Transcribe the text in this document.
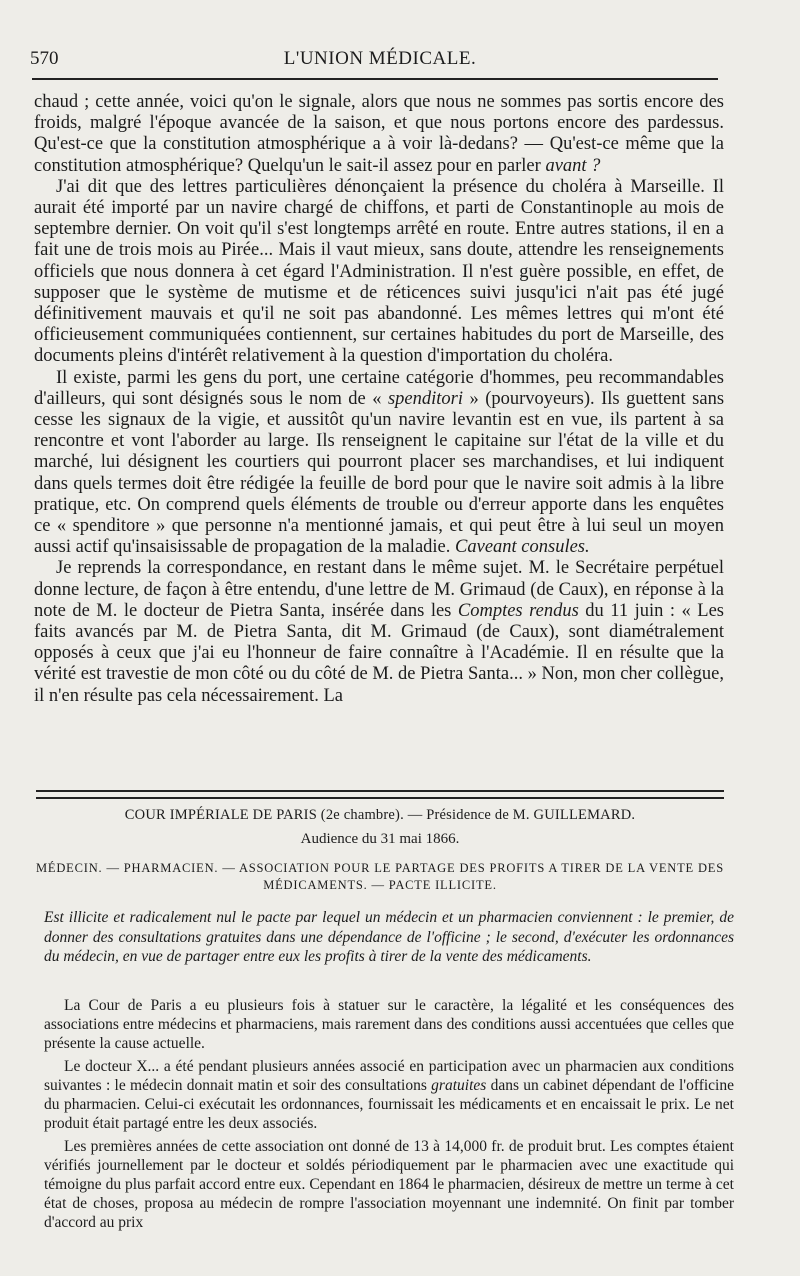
570	L'UNION MÉDICALE.

chaud ; cette année, voici qu'on le signale, alors que nous ne sommes pas sortis encore des froids, malgré l'époque avancée de la saison, et que nous portons encore des pardessus. Qu'est-ce que la constitution atmosphérique a à voir là-dedans? — Qu'est-ce même que la constitution atmosphérique? Quelqu'un le sait-il assez pour en parler avant ?

J'ai dit que des lettres particulières dénonçaient la présence du choléra à Marseille. Il aurait été importé par un navire chargé de chiffons, et parti de Constantinople au mois de septembre dernier. On voit qu'il s'est longtemps arrêté en route. Entre autres stations, il en a fait une de trois mois au Pirée... Mais il vaut mieux, sans doute, attendre les renseignements officiels que nous donnera à cet égard l'Administration. Il n'est guère possible, en effet, de supposer que le système de mutisme et de réticences suivi jusqu'ici n'ait pas été jugé définitivement mauvais et qu'il ne soit pas abandonné. Les mêmes lettres qui m'ont été officieusement communiquées contiennent, sur certaines habitudes du port de Marseille, des documents pleins d'intérêt relativement à la question d'importation du choléra.

Il existe, parmi les gens du port, une certaine catégorie d'hommes, peu recommandables d'ailleurs, qui sont désignés sous le nom de « spenditori » (pourvoyeurs). Ils guettent sans cesse les signaux de la vigie, et aussitôt qu'un navire levantin est en vue, ils partent à sa rencontre et vont l'aborder au large. Ils renseignent le capitaine sur l'état de la ville et du marché, lui désignent les courtiers qui pourront placer ses marchandises, et lui indiquent dans quels termes doit être rédigée la feuille de bord pour que le navire soit admis à la libre pratique, etc. On comprend quels éléments de trouble ou d'erreur apporte dans les enquêtes ce « spenditore » que personne n'a mentionné jamais, et qui peut être à lui seul un moyen aussi actif qu'insaisissable de propagation de la maladie. Caveant consules.

Je reprends la correspondance, en restant dans le même sujet. M. le Secrétaire perpétuel donne lecture, de façon à être entendu, d'une lettre de M. Grimaud (de Caux), en réponse à la note de M. le docteur de Pietra Santa, insérée dans les Comptes rendus du 11 juin : « Les faits avancés par M. de Pietra Santa, dit M. Grimaud (de Caux), sont diamétralement opposés à ceux que j'ai eu l'honneur de faire connaître à l'Académie. Il en résulte que la vérité est travestie de mon côté ou du côté de M. de Pietra Santa... » Non, mon cher collègue, il n'en résulte pas cela nécessairement. La

COUR IMPÉRIALE DE PARIS (2e chambre). — Présidence de M. GUILLEMARD.
Audience du 31 mai 1866.
MÉDECIN. — PHARMACIEN. — ASSOCIATION POUR LE PARTAGE DES PROFITS A TIRER DE LA VENTE DES MÉDICAMENTS. — PACTE ILLICITE.
Est illicite et radicalement nul le pacte par lequel un médecin et un pharmacien conviennent : le premier, de donner des consultations gratuites dans une dépendance de l'officine ; le second, d'exécuter les ordonnances du médecin, en vue de partager entre eux les profits à tirer de la vente des médicaments.

La Cour de Paris a eu plusieurs fois à statuer sur le caractère, la légalité et les conséquences des associations entre médecins et pharmaciens, mais rarement dans des conditions aussi accentuées que celles que présente la cause actuelle.

Le docteur X... a été pendant plusieurs années associé en participation avec un pharmacien aux conditions suivantes : le médecin donnait matin et soir des consultations gratuites dans un cabinet dépendant de l'officine du pharmacien. Celui-ci exécutait les ordonnances, fournissait les médicaments et en encaissait le prix. Le net produit était partagé entre les deux associés.

Les premières années de cette association ont donné de 13 à 14,000 fr. de produit brut. Les comptes étaient vérifiés journellement par le docteur et soldés périodiquement par le pharmacien avec une exactitude qui témoigne du plus parfait accord entre eux. Cependant en 1864 le pharmacien, désireux de mettre un terme à cet état de choses, proposa au médecin de rompre l'association moyennant une indemnité. On finit par tomber d'accord au prix
